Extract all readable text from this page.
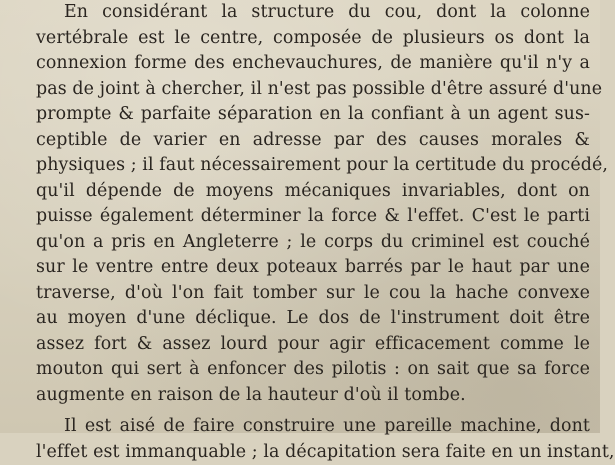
En considérant la structure du cou, dont la colonne
vertébrale est le centre, composée de plusieurs os dont la
connexion forme des enchevauchures, de manière qu'il n'y a
pas de joint à chercher, il n'est pas possible d'être assuré d'une
prompte & parfaite séparation en la confiant à un agent sus-
ceptible de varier en adresse par des causes morales &
physiques ; il faut nécessairement pour la certitude du procédé,
qu'il dépende de moyens mécaniques invariables, dont on
puisse également déterminer la force & l'effet. C'est le parti
qu'on a pris en Angleterre ; le corps du criminel est couché
sur le ventre entre deux poteaux barrés par le haut par une
traverse, d'où l'on fait tomber sur le cou la hache convexe
au moyen d'une déclique. Le dos de l'instrument doit être
assez fort & assez lourd pour agir efficacement comme le
mouton qui sert à enfoncer des pilotis : on sait que sa force
augmente en raison de la hauteur d'où il tombe.
Il est aisé de faire construire une pareille machine, dont
l'effet est immanquable ; la décapitation sera faite en un instant,
